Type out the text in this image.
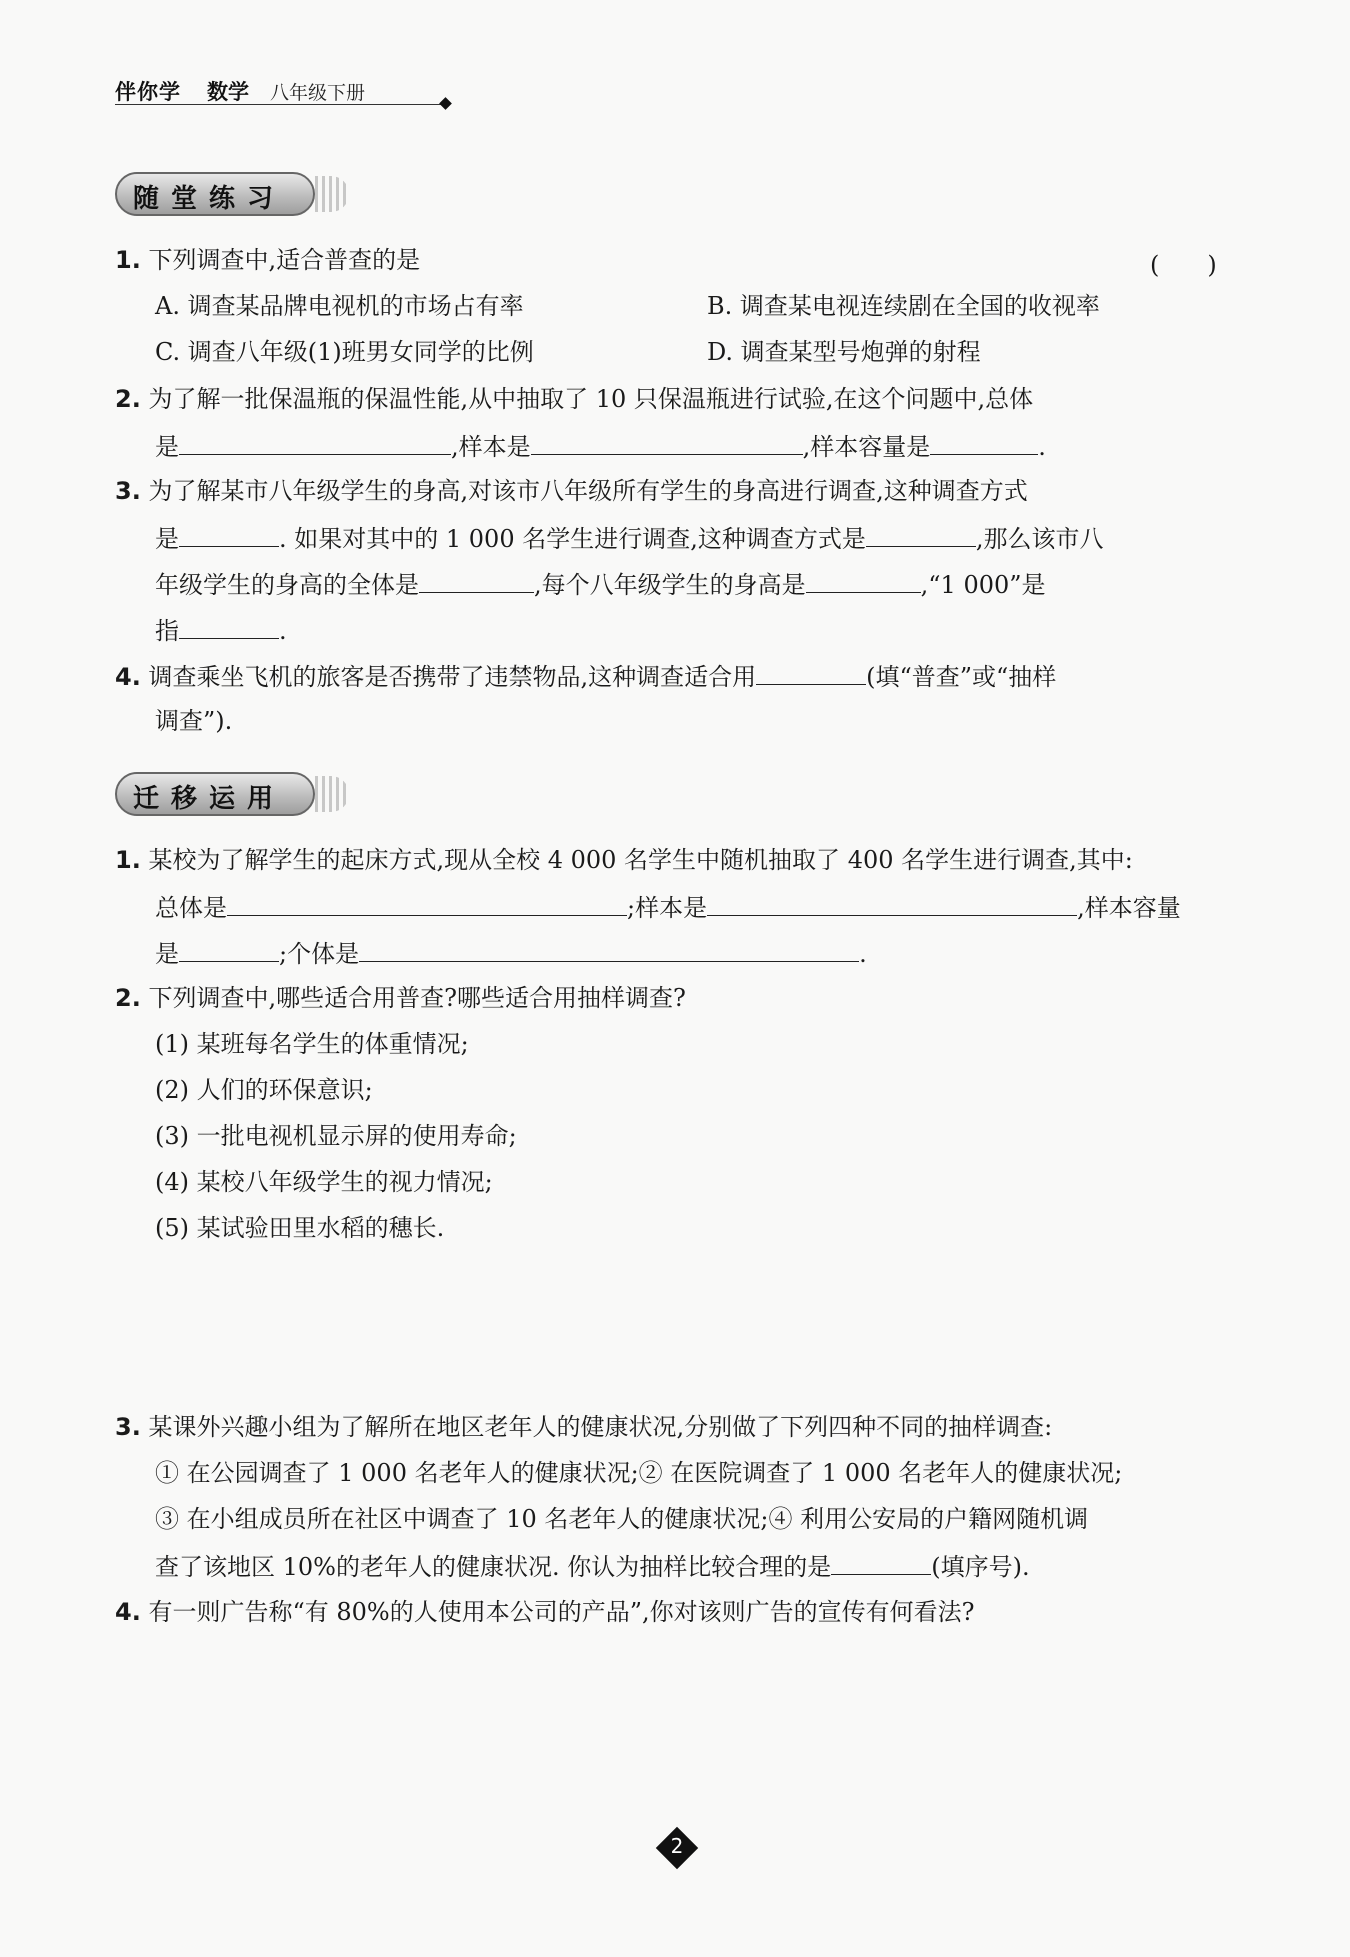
伴你学 数学 八年级下册
随堂练习
1. 下列调查中,适合普查的是	(　　)
A. 调查某品牌电视机的市场占有率	B. 调查某电视连续剧在全国的收视率
C. 调查八年级(1)班男女同学的比例	D. 调查某型号炮弹的射程
2. 为了解一批保温瓶的保温性能,从中抽取了 10 只保温瓶进行试验,在这个问题中,总体
是	,样本是	,样本容量是	.
3. 为了解某市八年级学生的身高,对该市八年级所有学生的身高进行调查,这种调查方式
是	. 如果对其中的 1 000 名学生进行调查,这种调查方式是	,那么该市八
年级学生的身高的全体是	,每个八年级学生的身高是	,“1 000”是
指	.
4. 调查乘坐飞机的旅客是否携带了违禁物品,这种调查适合用	(填“普查”或“抽样
调查”).
迁移运用
1. 某校为了解学生的起床方式,现从全校 4 000 名学生中随机抽取了 400 名学生进行调查,其中:
总体是	;样本是	,样本容量
是	;个体是	.
2. 下列调查中,哪些适合用普查?哪些适合用抽样调查?
(1) 某班每名学生的体重情况;
(2) 人们的环保意识;
(3) 一批电视机显示屏的使用寿命;
(4) 某校八年级学生的视力情况;
(5) 某试验田里水稻的穗长.
3. 某课外兴趣小组为了解所在地区老年人的健康状况,分别做了下列四种不同的抽样调查:
① 在公园调查了 1 000 名老年人的健康状况;② 在医院调查了 1 000 名老年人的健康状况;
③ 在小组成员所在社区中调查了 10 名老年人的健康状况;④ 利用公安局的户籍网随机调
查了该地区 10%的老年人的健康状况. 你认为抽样比较合理的是	(填序号).
4. 有一则广告称“有 80%的人使用本公司的产品”,你对该则广告的宣传有何看法?
2
